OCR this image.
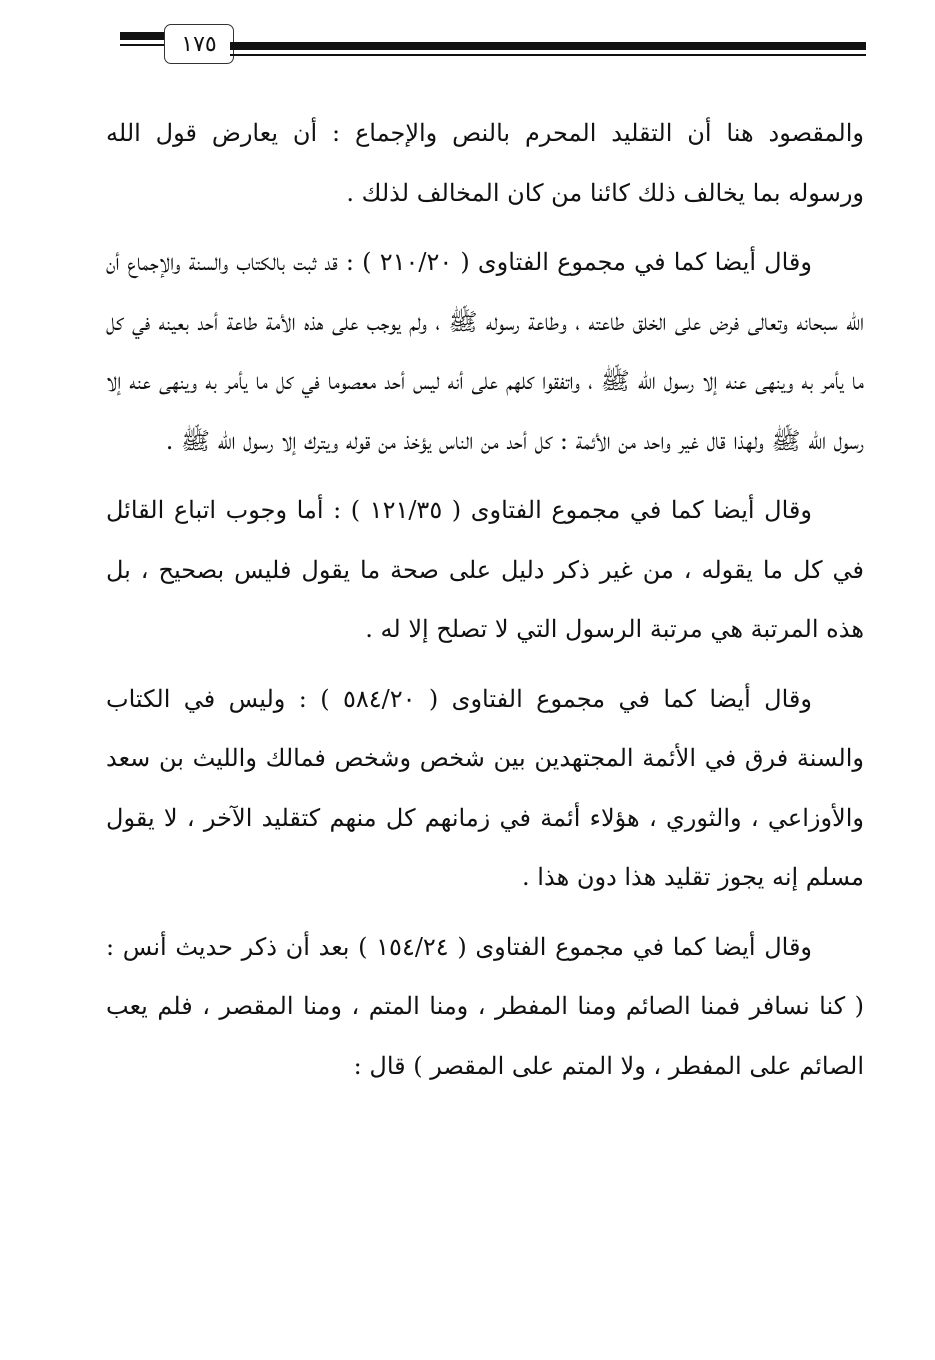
١٧٥

والمقصود هنا أن التقليد المحرم بالنص والإجماع : أن يعارض قول الله ورسوله بما يخالف ذلك كائنا من كان المخالف لذلك .

وقال أيضا كما في مجموع الفتاوى ( ٢١٠/٢٠ ) : قد ثبت بالكتاب والسنة والإجماع أن الله سبحانه وتعالى فرض على الخلق طاعته ، وطاعة رسوله ﷺ ، ولم يوجب على هذه الأمة طاعة أحد بعينه في كل ما يأمر به وينهى عنه إلا رسول الله ﷺ ، واتفقوا كلهم على أنه ليس أحد معصوما في كل ما يأمر به وينهى عنه إلا رسول الله ﷺ ولهذا قال غير واحد من الأئمة : كل أحد من الناس يؤخذ من قوله ويترك إلا رسول الله ﷺ .

وقال أيضا كما في مجموع الفتاوى ( ١٢١/٣٥ ) : أما وجوب اتباع القائل في كل ما يقوله ، من غير ذكر دليل على صحة ما يقول فليس بصحيح ، بل هذه المرتبة هي مرتبة الرسول التي لا تصلح إلا له .

وقال أيضا كما في مجموع الفتاوى ( ٥٨٤/٢٠ ) : وليس في الكتاب والسنة فرق في الأئمة المجتهدين بين شخص وشخص فمالك والليث بن سعد والأوزاعي ، والثوري ، هؤلاء أئمة في زمانهم كل منهم كتقليد الآخر ، لا يقول مسلم إنه يجوز تقليد هذا دون هذا .

وقال أيضا كما في مجموع الفتاوى ( ١٥٤/٢٤ ) بعد أن ذكر حديث أنس : ( كنا نسافر فمنا الصائم ومنا المفطر ، ومنا المتم ، ومنا المقصر ، فلم يعب الصائم على المفطر ، ولا المتم على المقصر ) قال :
